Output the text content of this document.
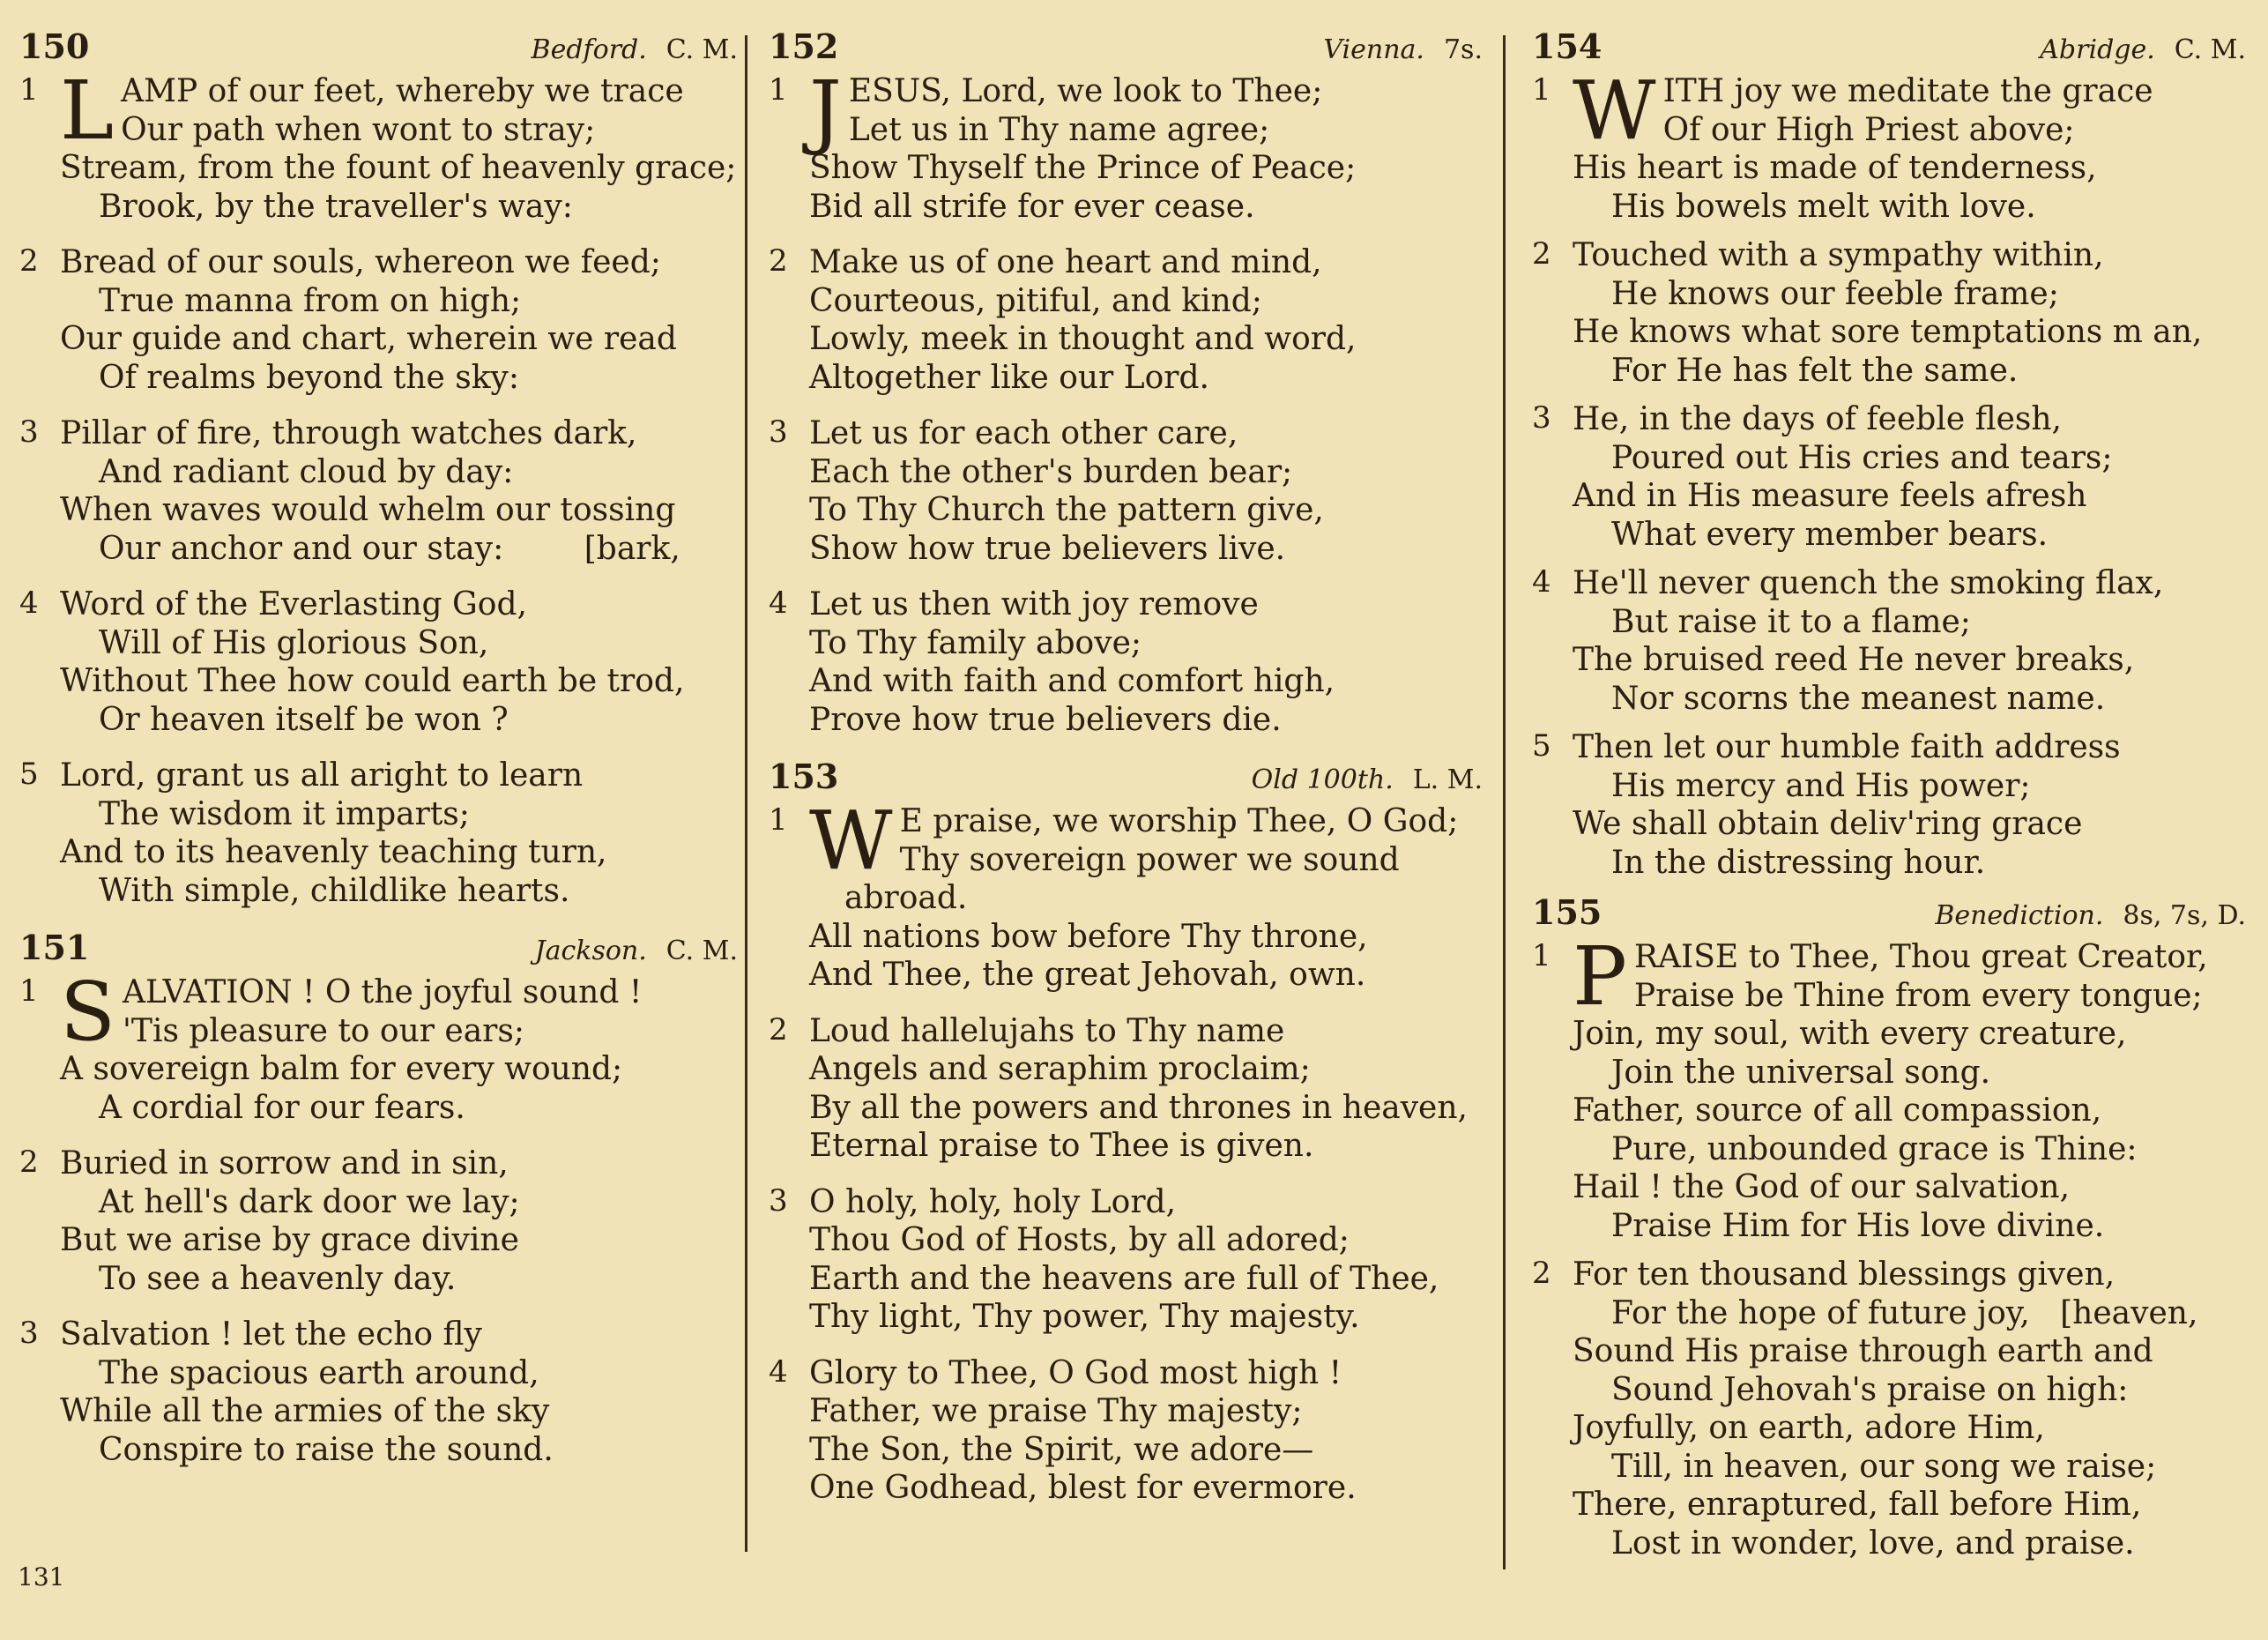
150	Bedford. C. M.
1 L AMP of our feet, whereby we trace
Our path when wont to stray;
Stream, from the fount of heavenly grace;
Brook, by the traveller's way:
2 Bread of our souls, whereon we feed;
True manna from on high;
Our guide and chart, wherein we read
Of realms beyond the sky:
3 Pillar of fire, through watches dark,
And radiant cloud by day:
When waves would whelm our tossing
Our anchor and our stay:        [bark,
4 Word of the Everlasting God,
Will of His glorious Son,
Without Thee how could earth be trod,
Or heaven itself be won ?
5 Lord, grant us all aright to learn
The wisdom it imparts;
And to its heavenly teaching turn,
With simple, childlike hearts.
151	Jackson. C. M.
1 S ALVATION ! O the joyful sound !
'Tis pleasure to our ears;
A sovereign balm for every wound;
A cordial for our fears.
2 Buried in sorrow and in sin,
At hell's dark door we lay;
But we arise by grace divine
To see a heavenly day.
3 Salvation ! let the echo fly
The spacious earth around,
While all the armies of the sky
Conspire to raise the sound.
152	Vienna. 7s.
1 J ESUS, Lord, we look to Thee;
Let us in Thy name agree;
Show Thyself the Prince of Peace;
Bid all strife for ever cease.
2 Make us of one heart and mind,
Courteous, pitiful, and kind;
Lowly, meek in thought and word,
Altogether like our Lord.
3 Let us for each other care,
Each the other's burden bear;
To Thy Church the pattern give,
Show how true believers live.
4 Let us then with joy remove
To Thy family above;
And with faith and comfort high,
Prove how true believers die.
153	Old 100th. L. M.
1 W E praise, we worship Thee, O God;
Thy sovereign power we sound
abroad.
All nations bow before Thy throne,
And Thee, the great Jehovah, own.
2 Loud hallelujahs to Thy name
Angels and seraphim proclaim;
By all the powers and thrones in heaven,
Eternal praise to Thee is given.
3 O holy, holy, holy Lord,
Thou God of Hosts, by all adored;
Earth and the heavens are full of Thee,
Thy light, Thy power, Thy majesty.
4 Glory to Thee, O God most high !
Father, we praise Thy majesty;
The Son, the Spirit, we adore—
One Godhead, blest for evermore.
154	Abridge. C. M.
1 W ITH joy we meditate the grace
Of our High Priest above;
His heart is made of tenderness,
His bowels melt with love.
2 Touched with a sympathy within,
He knows our feeble frame;
He knows what sore temptations m an,
For He has felt the same.
3 He, in the days of feeble flesh,
Poured out His cries and tears;
And in His measure feels afresh
What every member bears.
4 He'll never quench the smoking flax,
But raise it to a flame;
The bruised reed He never breaks,
Nor scorns the meanest name.
5 Then let our humble faith address
His mercy and His power;
We shall obtain deliv'ring grace
In the distressing hour.
155	Benediction. 8s, 7s, D.
1 P RAISE to Thee, Thou great Creator,
Praise be Thine from every tongue;
Join, my soul, with every creature,
Join the universal song.
Father, source of all compassion,
Pure, unbounded grace is Thine:
Hail ! the God of our salvation,
Praise Him for His love divine.
2 For ten thousand blessings given,
For the hope of future joy,   [heaven,
Sound His praise through earth and
Sound Jehovah's praise on high:
Joyfully, on earth, adore Him,
Till, in heaven, our song we raise;
There, enraptured, fall before Him,
Lost in wonder, love, and praise.
131
